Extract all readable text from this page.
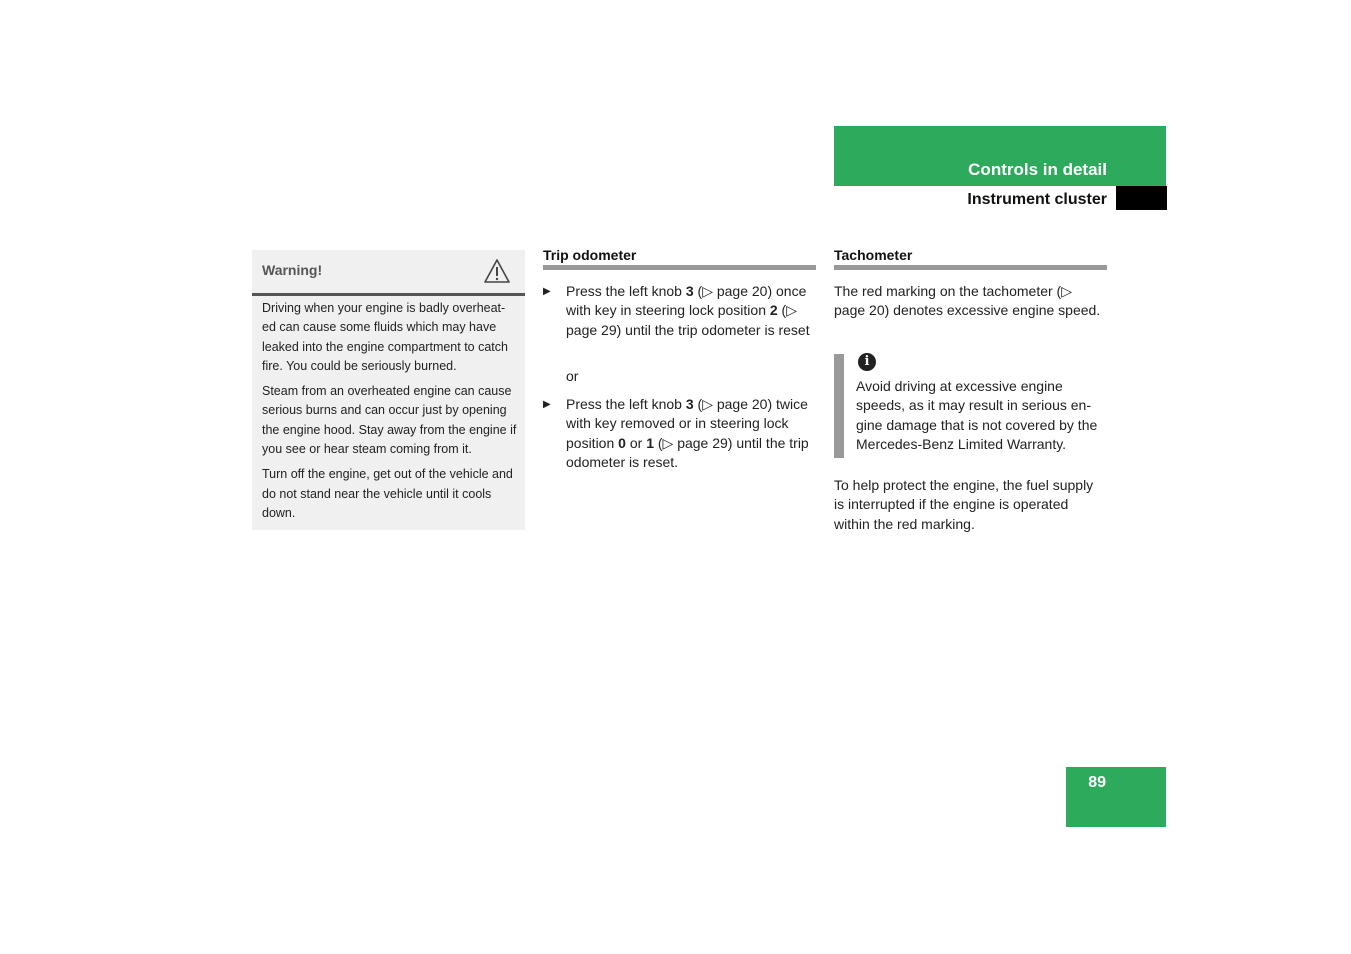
Controls in detail
Instrument cluster
Warning!

Driving when your engine is badly overheat-ed can cause some fluids which may have leaked into the engine compartment to catch fire. You could be seriously burned.

Steam from an overheated engine can cause serious burns and can occur just by opening the engine hood. Stay away from the engine if you see or hear steam coming from it.

Turn off the engine, get out of the vehicle and do not stand near the vehicle until it cools down.

Trip odometer
▶ Press the left knob 3 (▷ page 20) once with key in steering lock position 2 (▷ page 29) until the trip odometer is reset
or
▶ Press the left knob 3 (▷ page 20) twice with key removed or in steering lock position 0 or 1 (▷ page 29) until the trip odometer is reset.
Tachometer
The red marking on the tachometer (▷ page 20) denotes excessive engine speed.
i
Avoid driving at excessive engine speeds, as it may result in serious en-gine damage that is not covered by the Mercedes-Benz Limited Warranty.
To help protect the engine, the fuel supply is interrupted if the engine is operated within the red marking.
89
